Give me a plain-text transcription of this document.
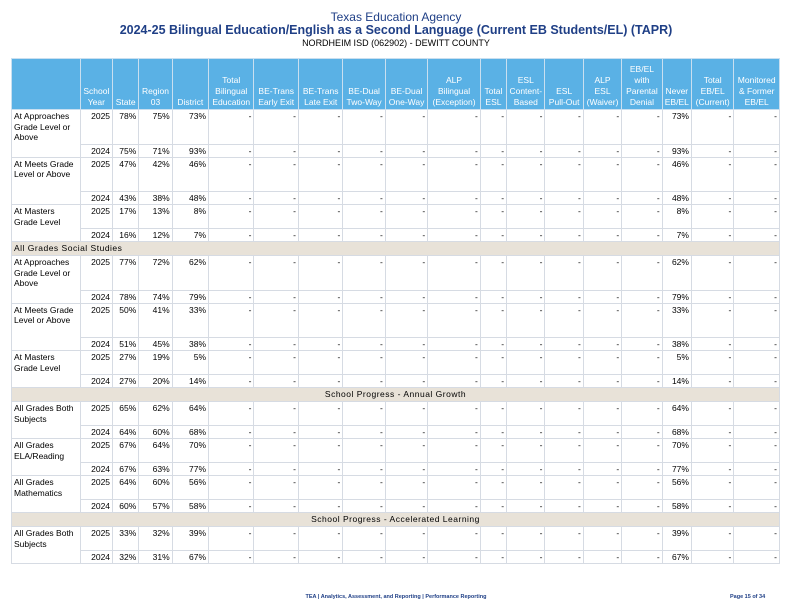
Texas Education Agency
2024-25 Bilingual Education/English as a Second Language (Current EB Students/EL) (TAPR)
NORDHEIM ISD (062902) - DEWITT COUNTY
	School Year	State	Region 03	District	Total Bilingual Education	BE-Trans Early Exit	BE-Trans Late Exit	BE-Dual Two-Way	BE-Dual One-Way	ALP Bilingual (Exception)	Total ESL	ESL Content-Based	ESL Pull-Out	ALP ESL (Waiver)	EB/EL with Parental Denial	Never EB/EL	Total EB/EL (Current)	Monitored & Former EB/EL
At Approaches Grade Level or Above	2025	78%	75%	73%	-	-	-	-	-	-	-	-	-	-	-	73%	-	-
	2024	75%	71%	93%	-	-	-	-	-	-	-	-	-	-	-	93%	-	-
At Meets Grade Level or Above	2025	47%	42%	46%	-	-	-	-	-	-	-	-	-	-	-	46%	-	-
	2024	43%	38%	48%	-	-	-	-	-	-	-	-	-	-	-	48%	-	-
At Masters Grade Level	2025	17%	13%	8%	-	-	-	-	-	-	-	-	-	-	-	8%	-	-
	2024	16%	12%	7%	-	-	-	-	-	-	-	-	-	-	-	7%	-	-
All Grades Social Studies																		
At Approaches Grade Level or Above	2025	77%	72%	62%	-	-	-	-	-	-	-	-	-	-	-	62%	-	-
	2024	78%	74%	79%	-	-	-	-	-	-	-	-	-	-	-	79%	-	-
At Meets Grade Level or Above	2025	50%	41%	33%	-	-	-	-	-	-	-	-	-	-	-	33%	-	-
	2024	51%	45%	38%	-	-	-	-	-	-	-	-	-	-	-	38%	-	-
At Masters Grade Level	2025	27%	19%	5%	-	-	-	-	-	-	-	-	-	-	-	5%	-	-
	2024	27%	20%	14%	-	-	-	-	-	-	-	-	-	-	-	14%	-	-
School Progress - Annual Growth																		
All Grades Both Subjects	2025	65%	62%	64%	-	-	-	-	-	-	-	-	-	-	-	64%	-	-
	2024	64%	60%	68%	-	-	-	-	-	-	-	-	-	-	-	68%	-	-
All Grades ELA/Reading	2025	67%	64%	70%	-	-	-	-	-	-	-	-	-	-	-	70%	-	-
	2024	67%	63%	77%	-	-	-	-	-	-	-	-	-	-	-	77%	-	-
All Grades Mathematics	2025	64%	60%	56%	-	-	-	-	-	-	-	-	-	-	-	56%	-	-
	2024	60%	57%	58%	-	-	-	-	-	-	-	-	-	-	-	58%	-	-
School Progress - Accelerated Learning																		
All Grades Both Subjects	2025	33%	32%	39%	-	-	-	-	-	-	-	-	-	-	-	39%	-	-
	2024	32%	31%	67%	-	-	-	-	-	-	-	-	-	-	-	67%	-	-
TEA | Analytics, Assessment, and Reporting | Performance Reporting	Page 15 of 34
